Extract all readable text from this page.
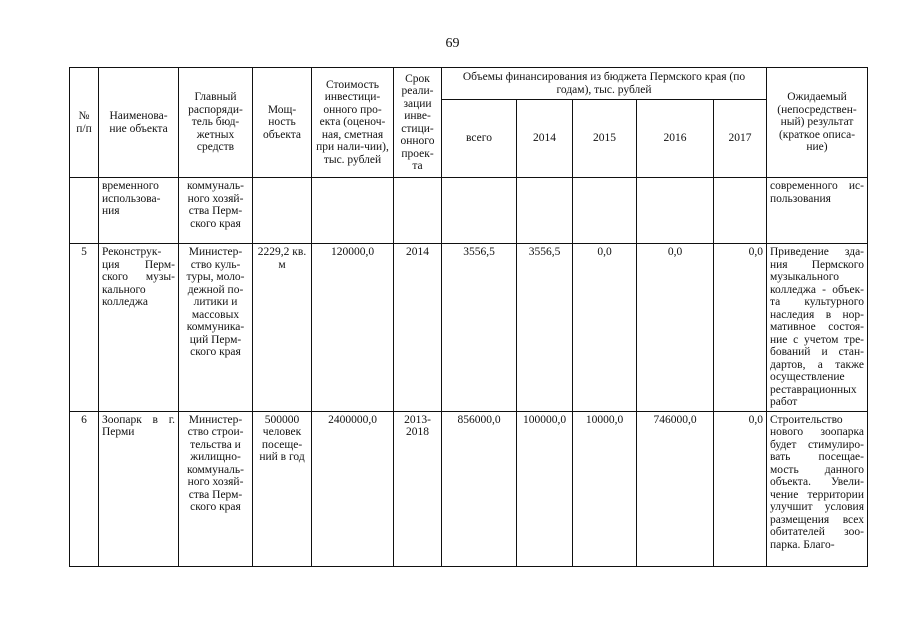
69
№ п/п	Наименова-ние объекта	Главный распоряди-тель бюд-жетных средств	Мощ-ность объекта	Стоимость инвестици-онного про-екта (оценоч-ная, сметная при нали-чии), тыс. рублей	Срок реали-зации инве-стици-онного проек-та	Объемы финансирования из бюджета Пермского края (по годам), тыс. рублей					Ожидаемый (непосредствен-ный) результат (краткое описа-ние)
						всего	2014	2015	2016	2017	
	временного использова-ния	коммуналь-ного хозяй-ства Перм-ского края									современного ис-пользования
5	Реконструк-ция Перм-ского музы-кального колледжа	Министер-ство куль-туры, моло-дежной по-литики и массовых коммуника-ций Перм-ского края	2229,2 кв. м	120000,0	2014	3556,5	3556,5	0,0	0,0	0,0	Приведение зда-ния Пермского музыкального колледжа - объек-та культурного наследия в нор-мативное состоя-ние с учетом тре-бований и стан-дартов, а также осуществление реставрационных работ
6	Зоопарк в г. Перми	Министер-ство строи-тельства и жилищно-коммуналь-ного хозяй-ства Перм-ского края	500000 человек посеще-ний в год	2400000,0	2013-2018	856000,0	100000,0	10000,0	746000,0	0,0	Строительство нового зоопарка будет стимулиро-вать посещае-мость данного объекта. Увели-чение территории улучшит условия размещения всех обитателей зоо-парка. Благо-
